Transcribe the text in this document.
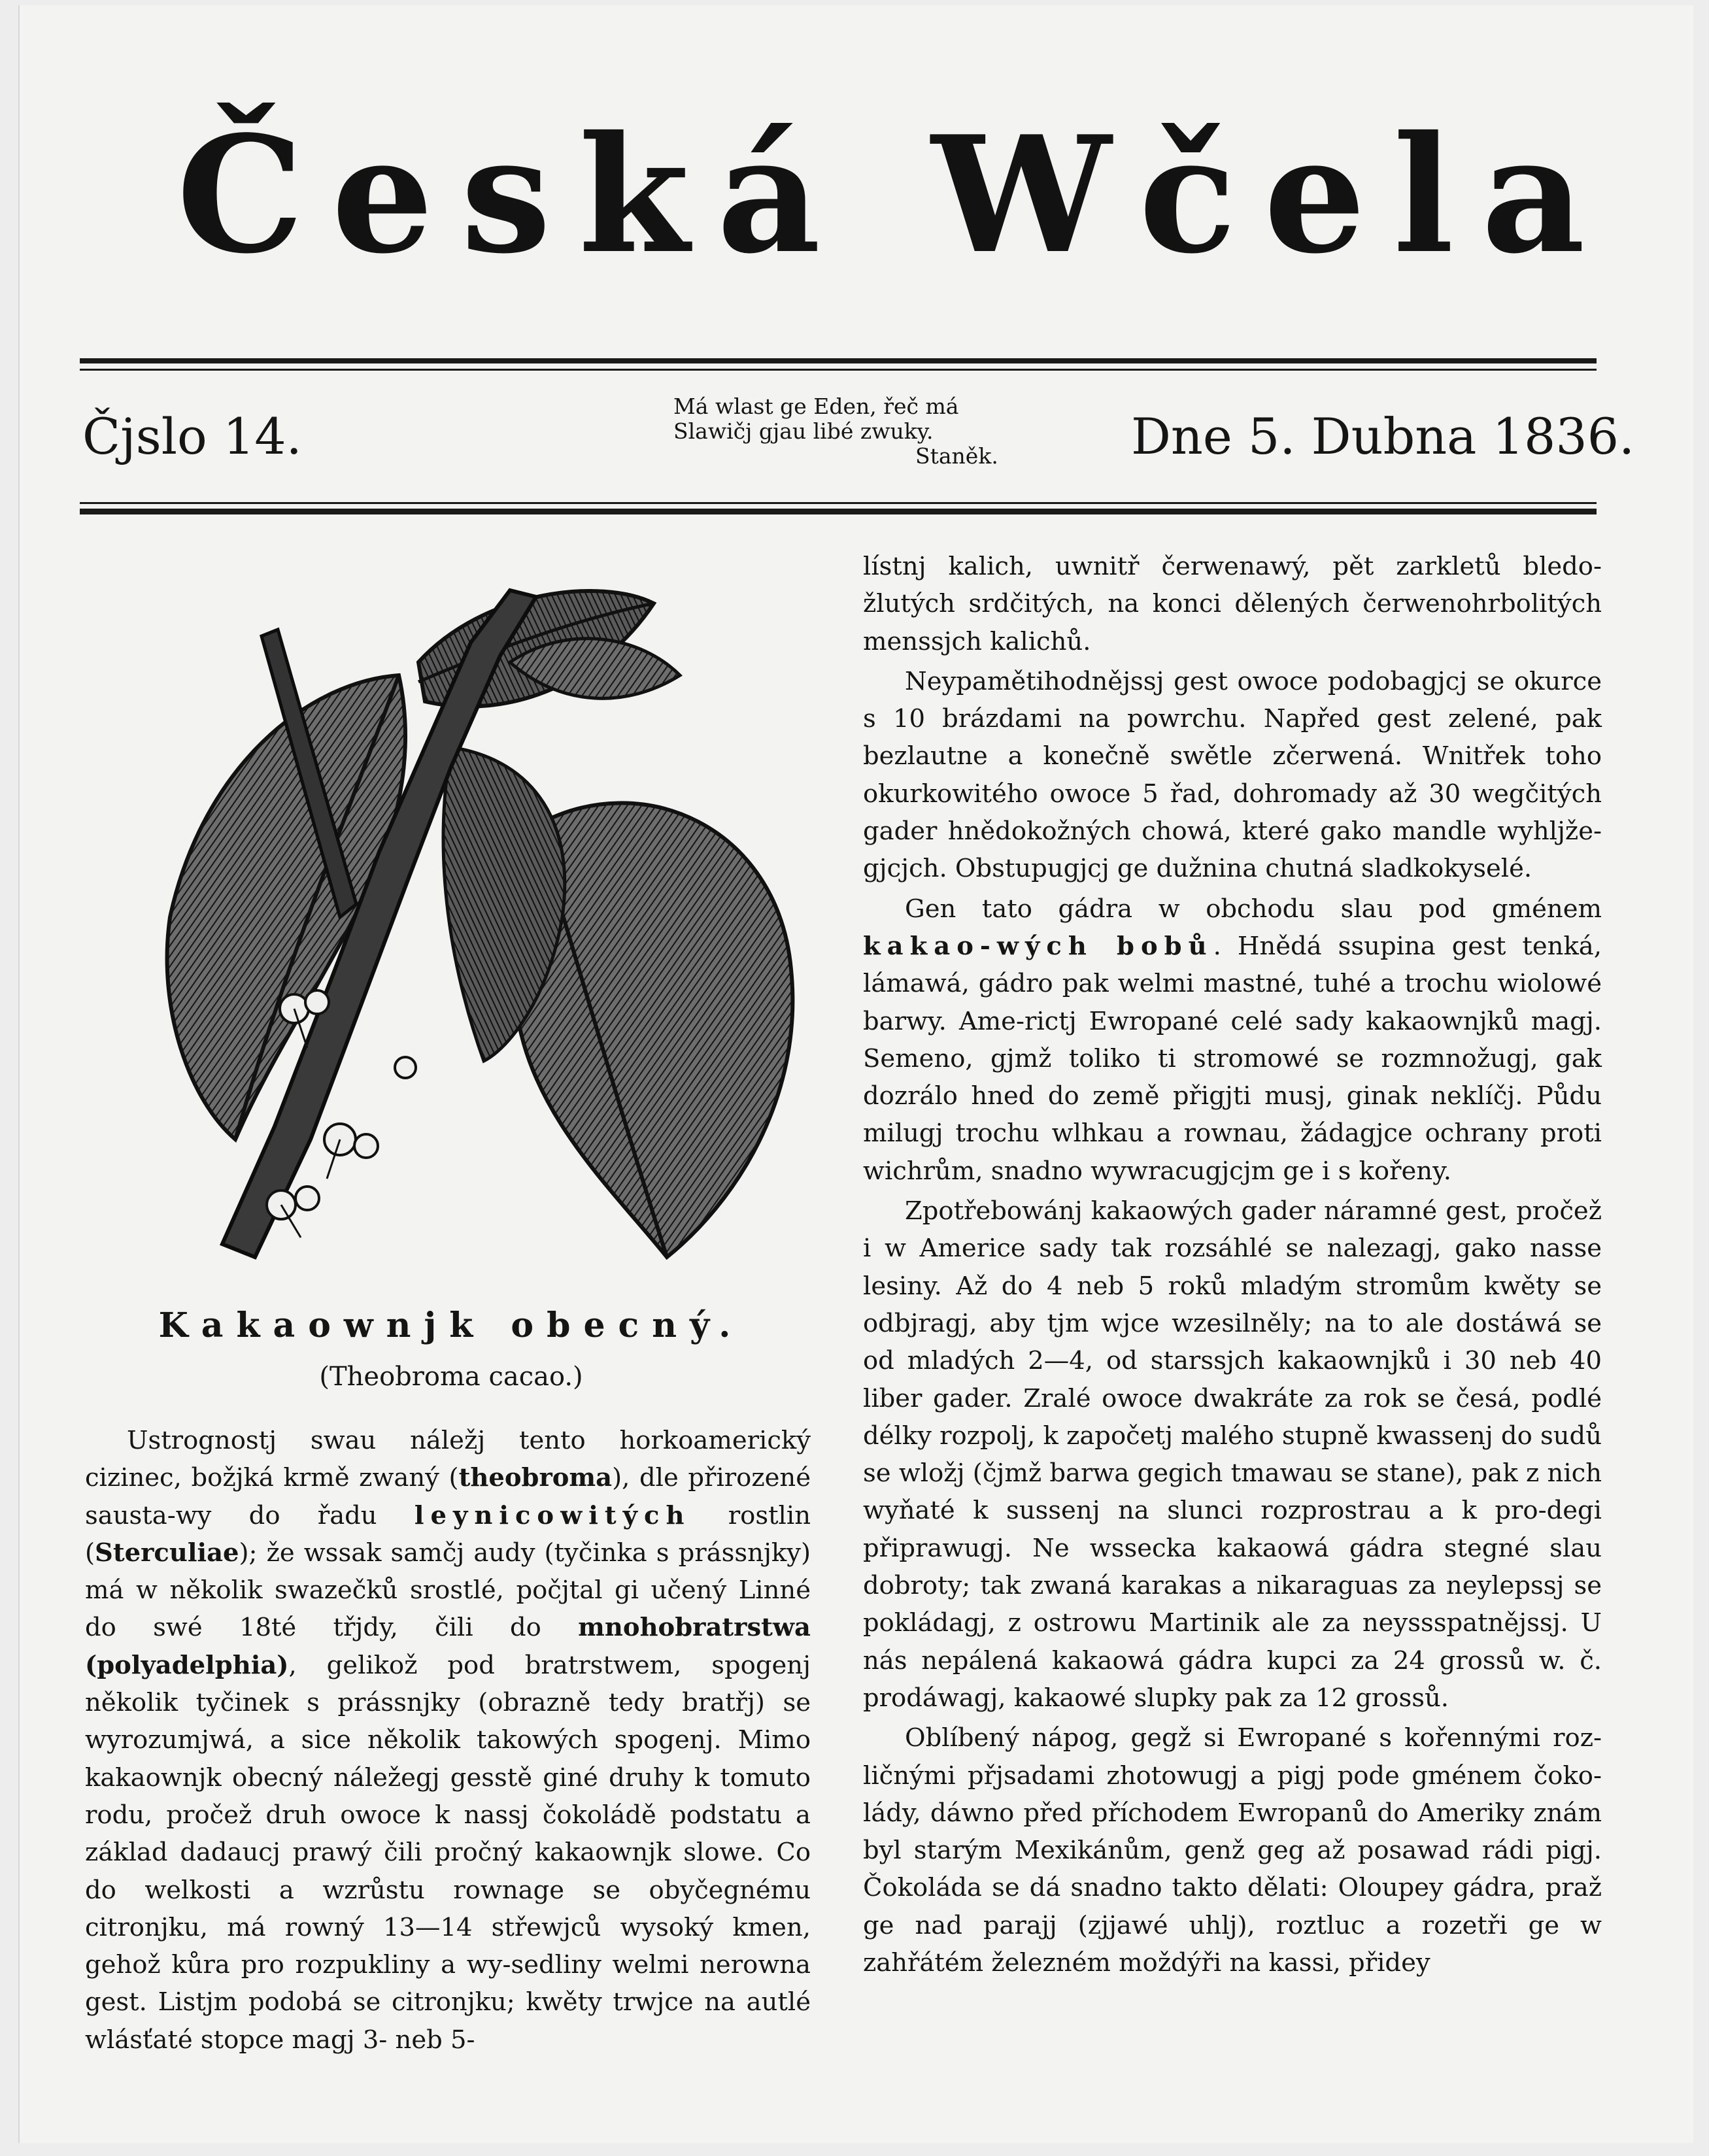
Česká Wčela
Čjslo 14.
Má wlast ge Eden, řeč má
Slawičj gjau libé zwuky.
Staněk.	Dne 5. Dubna 1836.
Kakaownjk obecný.
(Theobroma cacao.)

Ustrognostj swau náležj tento horkoamerický cizinec, božjká krmě zwaný (theobroma), dle přirozené sausta-wy do řadu leynicowitých rostlin (Sterculiae); že wssak samčj audy (tyčinka s prássnjky) má w několik swazečků srostlé, počjtal gi učený Linné do swé 18té třjdy, čili do mnohobratrstwa (polyadelphia), gelikož pod bratrstwem, spogenj několik tyčinek s prássnjky (obrazně tedy bratřj) se wyrozumjwá, a sice několik takowých spogenj. Mimo kakaownjk obecný náležegj gesstě giné druhy k tomuto rodu, pročež druh owoce k nassj čokoládě podstatu a základ dadaucj prawý čili pročný kakaownjk slowe. Co do welkosti a wzrůstu rownage se obyčegnému citronjku, má rowný 13—14 střewjců wysoký kmen, gehož kůra pro rozpukliny a wy-sedliny welmi nerowna gest. Listjm podobá se citronjku; kwěty trwjce na autlé wlásťaté stopce magj 3- neb 5-

lístnj kalich, uwnitř čerwenawý, pět zarkletů bledo-žlutých srdčitých, na konci dělených čerwenohrbolitých menssjch kalichů.

Neypamětihodnějssj gest owoce podobagjcj se okurce s 10 brázdami na powrchu. Napřed gest zelené, pak bezlautne a konečně swětle zčerwená. Wnitřek toho okurkowitého owoce 5 řad, dohromady až 30 wegčitých gader hnědokožných chowá, které gako mandle wyhljže-gjcjch. Obstupugjcj ge dužnina chutná sladkokyselé.

Gen tato gádra w obchodu slau pod gménem kakao-wých bobů. Hnědá ssupina gest tenká, lámawá, gádro pak welmi mastné, tuhé a trochu wiolowé barwy. Ame-rictj Ewropané celé sady kakaownjků magj. Semeno, gjmž toliko ti stromowé se rozmnožugj, gak dozrálo hned do země přigjti musj, ginak neklíčj. Půdu milugj trochu wlhkau a rownau, žádagjce ochrany proti wichrům, snadno wywracugjcjm ge i s kořeny.

Zpotřebowánj kakaowých gader náramné gest, pročež i w Americe sady tak rozsáhlé se nalezagj, gako nasse lesiny. Až do 4 neb 5 roků mladým stromům kwěty se odbjragj, aby tjm wjce wzesilněly; na to ale dostáwá se od mladých 2—4, od starssjch kakaownjků i 30 neb 40 liber gader. Zralé owoce dwakráte za rok se česá, podlé délky rozpolj, k započetj malého stupně kwassenj do sudů se wložj (čjmž barwa gegich tmawau se stane), pak z nich wyňaté k sussenj na slunci rozprostrau a k pro-degi připrawugj. Ne wssecka kakaowá gádra stegné slau dobroty; tak zwaná karakas a nikaraguas za neylepssj se pokládagj, z ostrowu Martinik ale za neyssspatnějssj. U nás nepálená kakaowá gádra kupci za 24 grossů w. č. prodáwagj, kakaowé slupky pak za 12 grossů.

Oblíbený nápog, gegž si Ewropané s kořennými roz-ličnými přjsadami zhotowugj a pigj pode gménem čoko-lády, dáwno před příchodem Ewropanů do Ameriky znám byl starým Mexikánům, genž geg až posawad rádi pigj. Čokoláda se dá snadno takto dělati: Oloupey gádra, praž ge nad parajj (zjjawé uhlj), roztluc a rozetři ge w zahřátém železném moždýři na kassi, přidey
